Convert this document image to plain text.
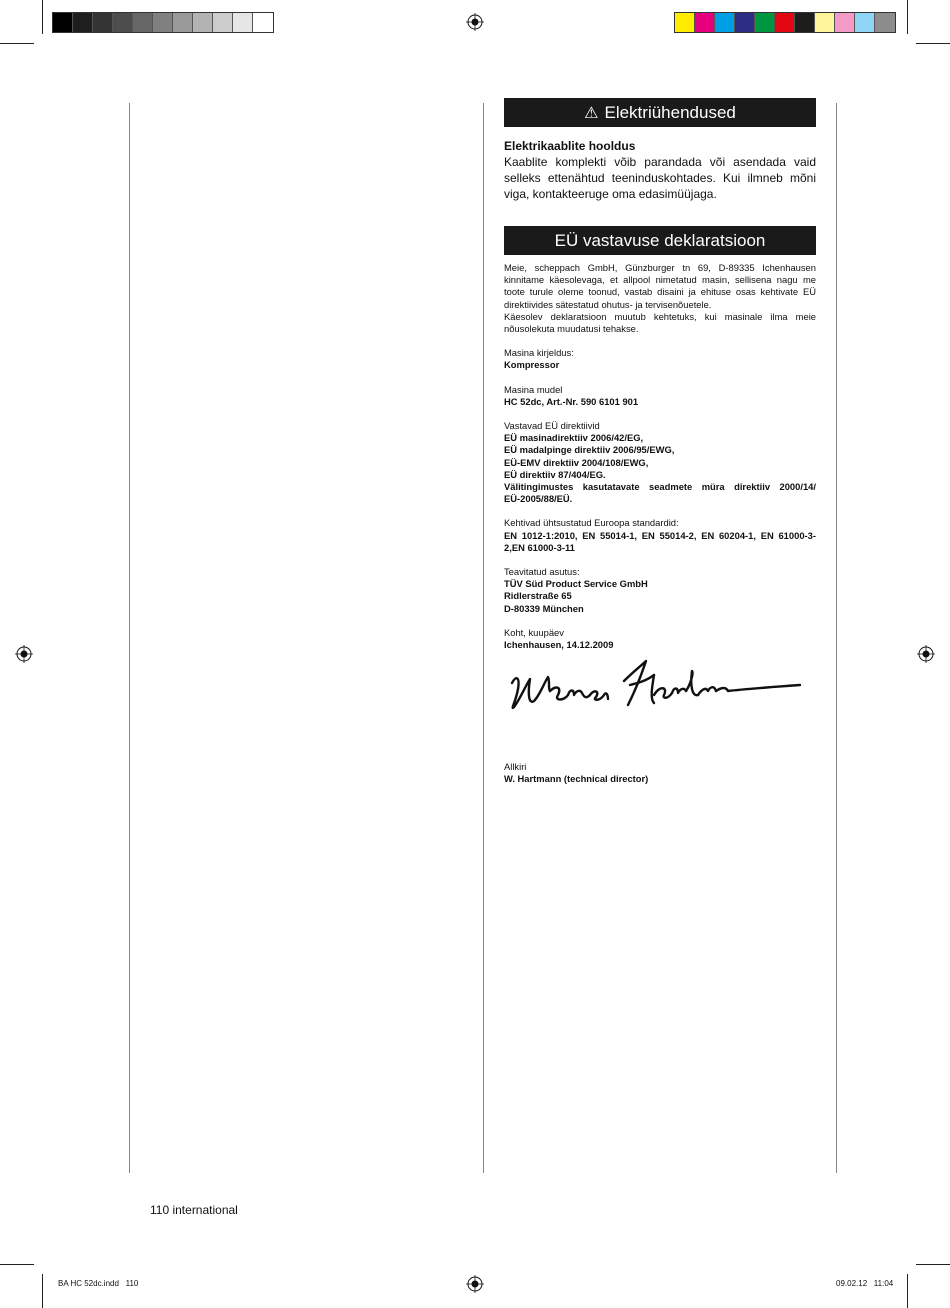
⚠ Elektriühendused

Elektrikaablite hooldus

Kaablite komplekti võib parandada või asendada vaid selleks ettenähtud teeninduskohtades. Kui ilmneb mõni viga, kontakteeruge oma edasimüüjaga.

EÜ vastavuse deklaratsioon

Meie, scheppach GmbH, Günzburger tn 69, D-89335 Ichenhausen kinnitame käesolevaga, et allpool nimetatud masin, sellisena nagu me toote turule oleme toonud, vastab disaini ja ehituse osas kehtivate EÜ direktiivides sätestatud ohutus- ja tervisenõuetele.

Käesolev deklaratsioon muutub kehtetuks, kui masinale ilma meie nõusolekuta muudatusi tehakse.

Masina kirjeldus:

Kompressor

Masina mudel

HC 52dc, Art.-Nr. 590 6101 901

Vastavad EÜ direktiivid

EÜ masinadirektiiv 2006/42/EG,

EÜ madalpinge direktiiv 2006/95/EWG,

EÜ-EMV direktiiv 2004/108/EWG,

EÜ direktiiv 87/404/EG.

Välitingimustes kasutatavate seadmete müra direktiiv 2000/14/ EÜ-2005/88/EÜ.

Kehtivad ühtsustatud Euroopa standardid:

EN 1012-1:2010, EN 55014-1, EN 55014-2, EN 60204-1, EN 61000-3-2,EN 61000-3-11

Teavitatud asutus:

TÜV Süd Product Service GmbH

Ridlerstraße 65

D-80339 München

Koht, kuupäev

Ichenhausen, 14.12.2009

Allkiri

W. Hartmann (technical director)

110 international
BA HC 52dc.indd   110	09.02.12   11:04
